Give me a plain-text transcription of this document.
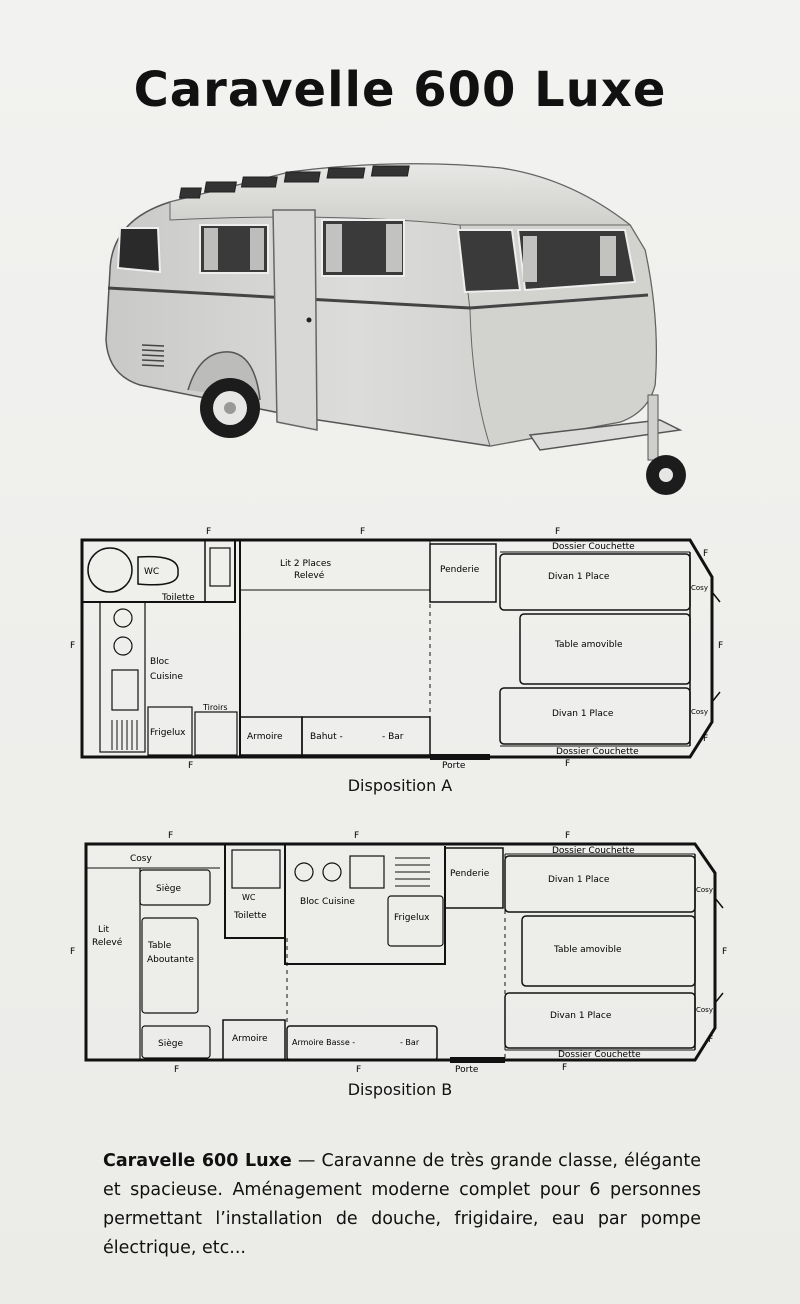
Caravelle 600 Luxe
F	F	F
F
F	F
F
F	F
Porte
WC
Toilette
Lit 2 Places
Relevé
Penderie
Dossier Couchette
Divan 1 Place
Cosy
Bloc
Cuisine
Table amovible
Tiroirs
Frigelux	Armoire	Bahut -	- Bar
Divan 1 Place	Cosy
Dossier Couchette
Disposition A
F	F	F
F	F
F
F	F	F
Porte
Cosy
Siège
WC	Bloc Cuisine
Penderie
Dossier Couchette
Divan 1 Place
Lit
Relevé	Table
Aboutante
Toilette	Frigelux
Table amovible
Cosy
Cosy
Siège	Armoire	Armoire Basse -	- Bar
Divan 1 Place
Dossier Couchette
Disposition B
Caravelle 600 Luxe — Caravanne de très grande classe, élégante et spacieuse. Aménagement moderne complet pour 6 personnes permettant l’installation de douche, frigidaire, eau par pompe électrique, etc...
